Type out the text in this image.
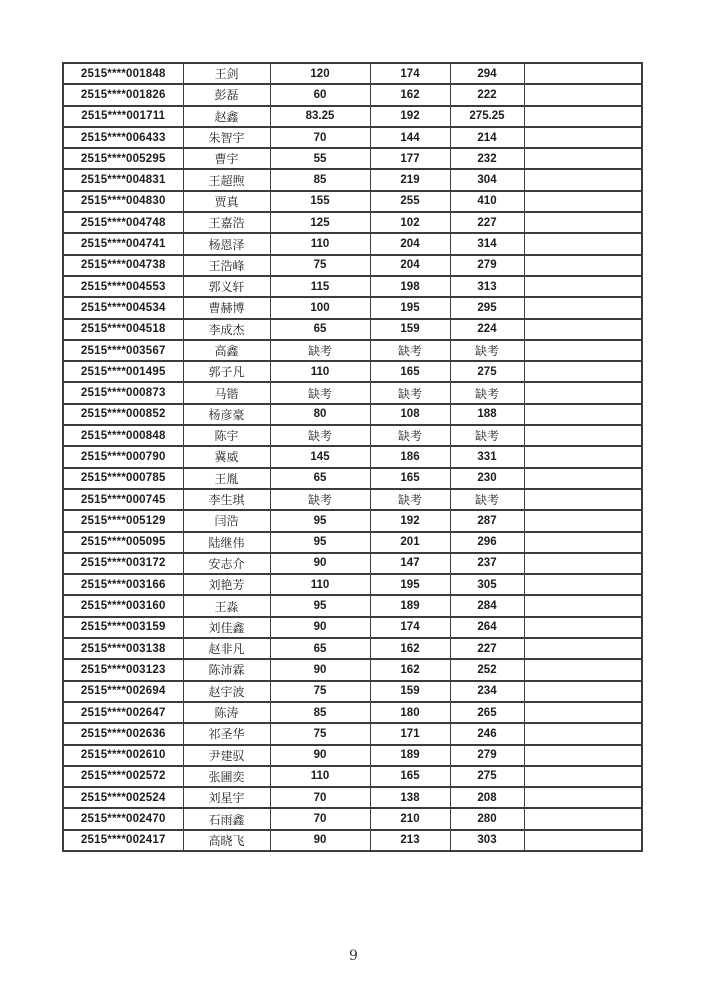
2515****001848	王剑	120	174	294	
2515****001826	彭磊	60	162	222	
2515****001711	赵鑫	83.25	192	275.25	
2515****006433	朱智宇	70	144	214	
2515****005295	曹宇	55	177	232	
2515****004831	王超煦	85	219	304	
2515****004830	贾真	155	255	410	
2515****004748	王嘉浩	125	102	227	
2515****004741	杨恩泽	110	204	314	
2515****004738	王浩峰	75	204	279	
2515****004553	郭义轩	115	198	313	
2515****004534	曹赫博	100	195	295	
2515****004518	李成杰	65	159	224	
2515****003567	高鑫	缺考	缺考	缺考	
2515****001495	郭子凡	110	165	275	
2515****000873	马锴	缺考	缺考	缺考	
2515****000852	杨彦豪	80	108	188	
2515****000848	陈宇	缺考	缺考	缺考	
2515****000790	冀威	145	186	331	
2515****000785	王胤	65	165	230	
2515****000745	李生琪	缺考	缺考	缺考	
2515****005129	闫浩	95	192	287	
2515****005095	陆继伟	95	201	296	
2515****003172	安志介	90	147	237	
2515****003166	刘艳芳	110	195	305	
2515****003160	王淼	95	189	284	
2515****003159	刘佳鑫	90	174	264	
2515****003138	赵非凡	65	162	227	
2515****003123	陈沛霖	90	162	252	
2515****002694	赵宇波	75	159	234	
2515****002647	陈涛	85	180	265	
2515****002636	祁圣华	75	171	246	
2515****002610	尹建驭	90	189	279	
2515****002572	张圃奕	110	165	275	
2515****002524	刘星宇	70	138	208	
2515****002470	石雨鑫	70	210	280	
2515****002417	高晓飞	90	213	303	
9
